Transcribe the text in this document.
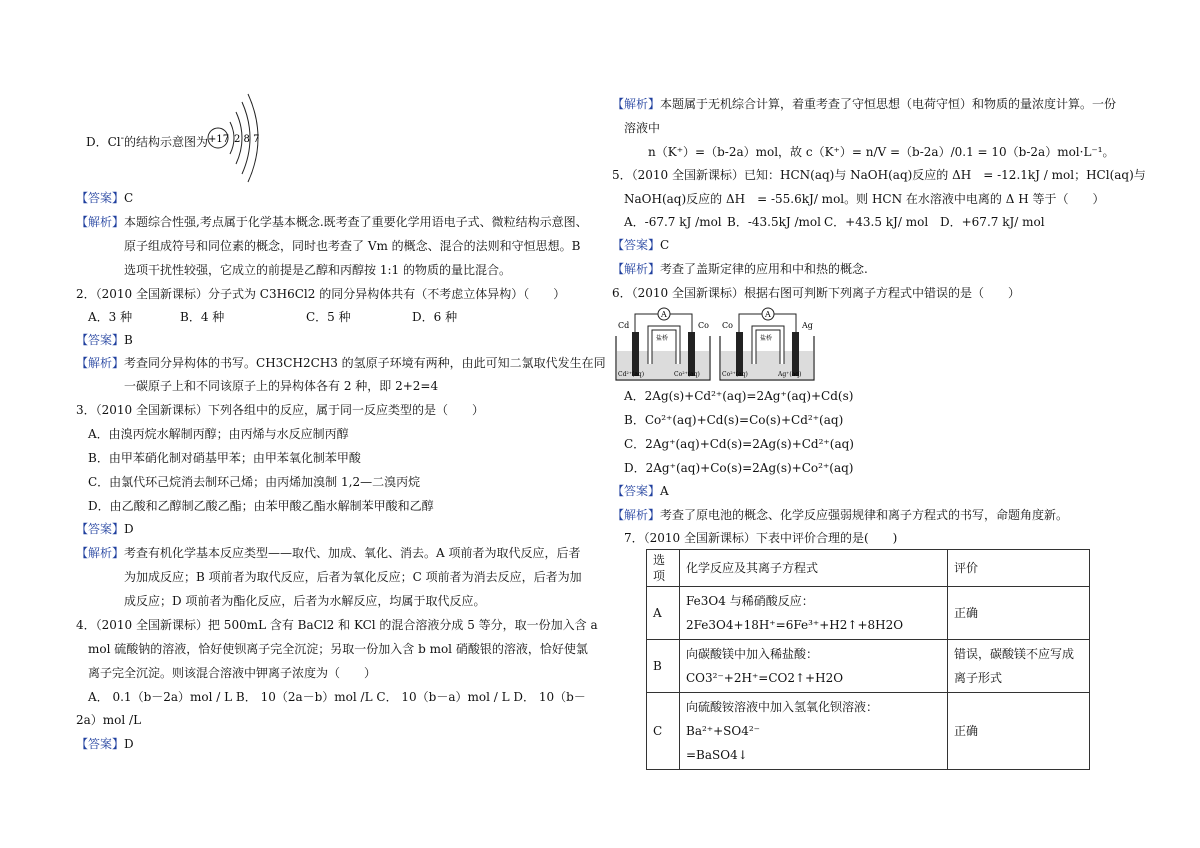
D．Cl-的结构示意图为 +17 2 8 7
【答案】C
【解析】本题综合性强,考点属于化学基本概念.既考查了重要化学用语电子式、微粒结构示意图、
原子组成符号和同位素的概念，同时也考查了 Vm 的概念、混合的法则和守恒思想。B
选项干扰性较强，它成立的前提是乙醇和丙醇按 1:1 的物质的量比混合。
2．（2010 全国新课标）分子式为 C3H6Cl2 的同分异构体共有（不考虑立体异构）（　　）
A．3 种	B．4 种	C．5 种	D．6 种
【答案】B
【解析】考查同分异构体的书写。CH3CH2CH3 的氢原子环境有两种，由此可知二氯取代发生在同
一碳原子上和不同该原子上的异构体各有 2 种，即 2+2=4
3．（2010 全国新课标）下列各组中的反应，属于同一反应类型的是（　　）
A．由溴丙烷水解制丙醇；由丙烯与水反应制丙醇
B．由甲苯硝化制对硝基甲苯；由甲苯氧化制苯甲酸
C．由氯代环己烷消去制环己烯；由丙烯加溴制 1,2—二溴丙烷
D．由乙酸和乙醇制乙酸乙酯；由苯甲酸乙酯水解制苯甲酸和乙醇
【答案】D
【解析】考查有机化学基本反应类型——取代、加成、氧化、消去。A 项前者为取代反应，后者
为加成反应；B 项前者为取代反应，后者为氧化反应；C 项前者为消去反应，后者为加
成反应；D 项前者为酯化反应，后者为水解反应，均属于取代反应。
4．（2010 全国新课标）把 500mL 含有 BaCl2 和 KCl 的混合溶液分成 5 等分，取一份加入含 a
mol 硫酸钠的溶液，恰好使钡离子完全沉淀；另取一份加入含 b mol 硝酸银的溶液，恰好使氯
离子完全沉淀。则该混合溶液中钾离子浓度为（　　）
A． 0.1（b－2a）mol / L B． 10（2a－b）mol /L C． 10（b－a）mol / L D． 10（b－
2a）mol /L
【答案】D
【解析】本题属于无机综合计算，着重考查了守恒思想（电荷守恒）和物质的量浓度计算。一份
溶液中
n（K⁺）=（b-2a）mol，故 c（K⁺）= n/V =（b-2a）/0.1 = 10（b-2a）mol·L⁻¹。
5．（2010 全国新课标）已知：HCN(aq)与 NaOH(aq)反应的 ΔH　= -12.1kJ / mol；HCl(aq)与
NaOH(aq)反应的 ΔH　= -55.6kJ/ mol。则 HCN 在水溶液中电离的 Δ H 等于（　　）
A．-67.7 kJ /mol B．-43.5kJ /mol C．+43.5 kJ/ mol D．+67.7 kJ/ mol
【答案】C
【解析】考查了盖斯定律的应用和中和热的概念.
6．（2010 全国新课标）根据右图可判断下列离子方程式中错误的是（　　）
A
Cd	Co
盐桥
Cd²⁺(aq)	Co²⁺(aq)
A
Co	Ag
盐桥
Co²⁺(aq)	Ag⁺(aq)
A．2Ag(s)+Cd²⁺(aq)=2Ag⁺(aq)+Cd(s)
B．Co²⁺(aq)+Cd(s)=Co(s)+Cd²⁺(aq)
C．2Ag⁺(aq)+Cd(s)=2Ag(s)+Cd²⁺(aq)
D．2Ag⁺(aq)+Co(s)=2Ag(s)+Co²⁺(aq)
【答案】A
【解析】考查了原电池的概念、化学反应强弱规律和离子方程式的书写，命题角度新。
7．（2010 全国新课标）下表中评价合理的是(　　)
选项	化学反应及其离子方程式	评价
A	Fe3O4 与稀硝酸反应：
2Fe3O4+18H⁺=6Fe³⁺+H2↑+8H2O	正确
B	向碳酸镁中加入稀盐酸：CO3²⁻+2H⁺=CO2↑+H2O	错误，碳酸镁不应写成
离子形式

C	向硫酸铵溶液中加入氢氧化钡溶液：Ba²⁺+SO4²⁻
=BaSO4↓	正确
